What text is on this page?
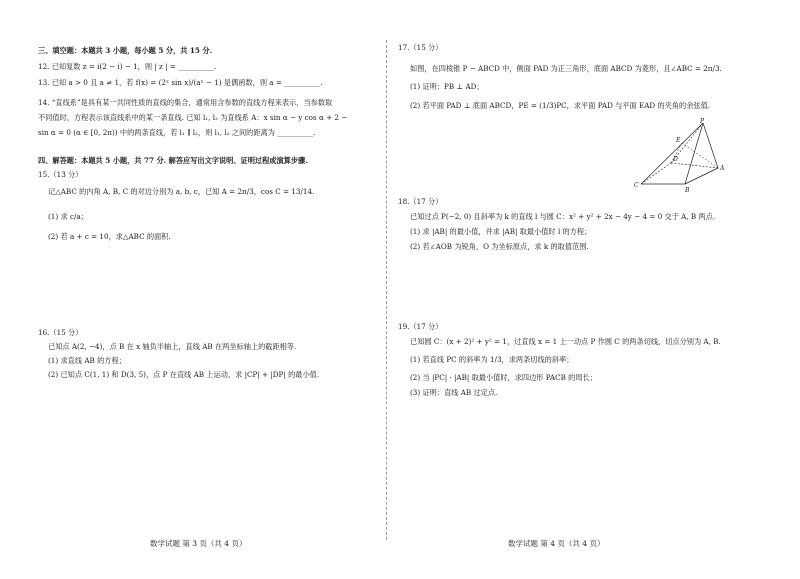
三、填空题：本题共 3 小题，每小题 5 分，共 15 分.
12. 已知复数 z = i(2 − i) − 1，则 | z | = __________.
13. 已知 a > 0 且 a ≠ 1，若 f(x) = (2ˣ sin x)/(aˣ − 1) 是偶函数，则 a = __________.
14. “直线系”是具有某一共同性质的直线的集合，通常用含参数的直线方程来表示，当参数取
不同值时，方程表示该直线系中的某一条直线. 已知 l₁, l₂ 为直线系 A：x sin α − y cos α + 2 −
sin α = 0 (α ∈ [0, 2π)) 中的两条直线，若 l₁ ∥ l₂，则 l₁, l₂ 之间的距离为 __________.
四、解答题：本题共 5 小题，共 77 分. 解答应写出文字说明、证明过程或演算步骤.
15.（13 分）
记△ABC 的内角 A, B, C 的对边分别为 a, b, c，已知 A = 2π/3，cos C = 13/14.
(1) 求 c/a；
(2) 若 a + c = 10，求△ABC 的面积.
16.（15 分）
已知点 A(2, −4)，点 B 在 x 轴负半轴上，直线 AB 在两坐标轴上的截距相等.
(1) 求直线 AB 的方程；
(2) 已知点 C(1, 1) 和 D(3, 5)，点 P 在直线 AB 上运动，求 |CP| + |DP| 的最小值.
数学试题 第 3 页（共 4 页）
17.（15 分）
如图，在四棱锥 P − ABCD 中，侧面 PAD 为正三角形，底面 ABCD 为菱形，且∠ABC = 2π/3.
(1) 证明：PB ⊥ AD；
(2) 若平面 PAD ⊥ 底面 ABCD，PE = (1/3)PC，求平面 PAD 与平面 EAD 的夹角的余弦值.
18.（17 分）
已知过点 P(−2, 0) 且斜率为 k 的直线 l 与圆 C：x² + y² + 2x − 4y − 4 = 0 交于 A, B 两点.
(1) 求 |AB| 的最小值，并求 |AB| 取最小值时 l 的方程；
(2) 若∠AOB 为锐角，O 为坐标原点，求 k 的取值范围.
19.（17 分）
已知圆 C：(x + 2)² + y² = 1，过直线 x = 1 上一动点 P 作圆 C 的两条切线，切点分别为 A, B.
(1) 若直线 PC 的斜率为 1/3，求两条切线的斜率；
(2) 当 |PC| · |AB| 取最小值时，求四边形 PACB 的周长；
(3) 证明：直线 AB 过定点.
数学试题 第 4 页（共 4 页）
P
A
B
C
D
E
